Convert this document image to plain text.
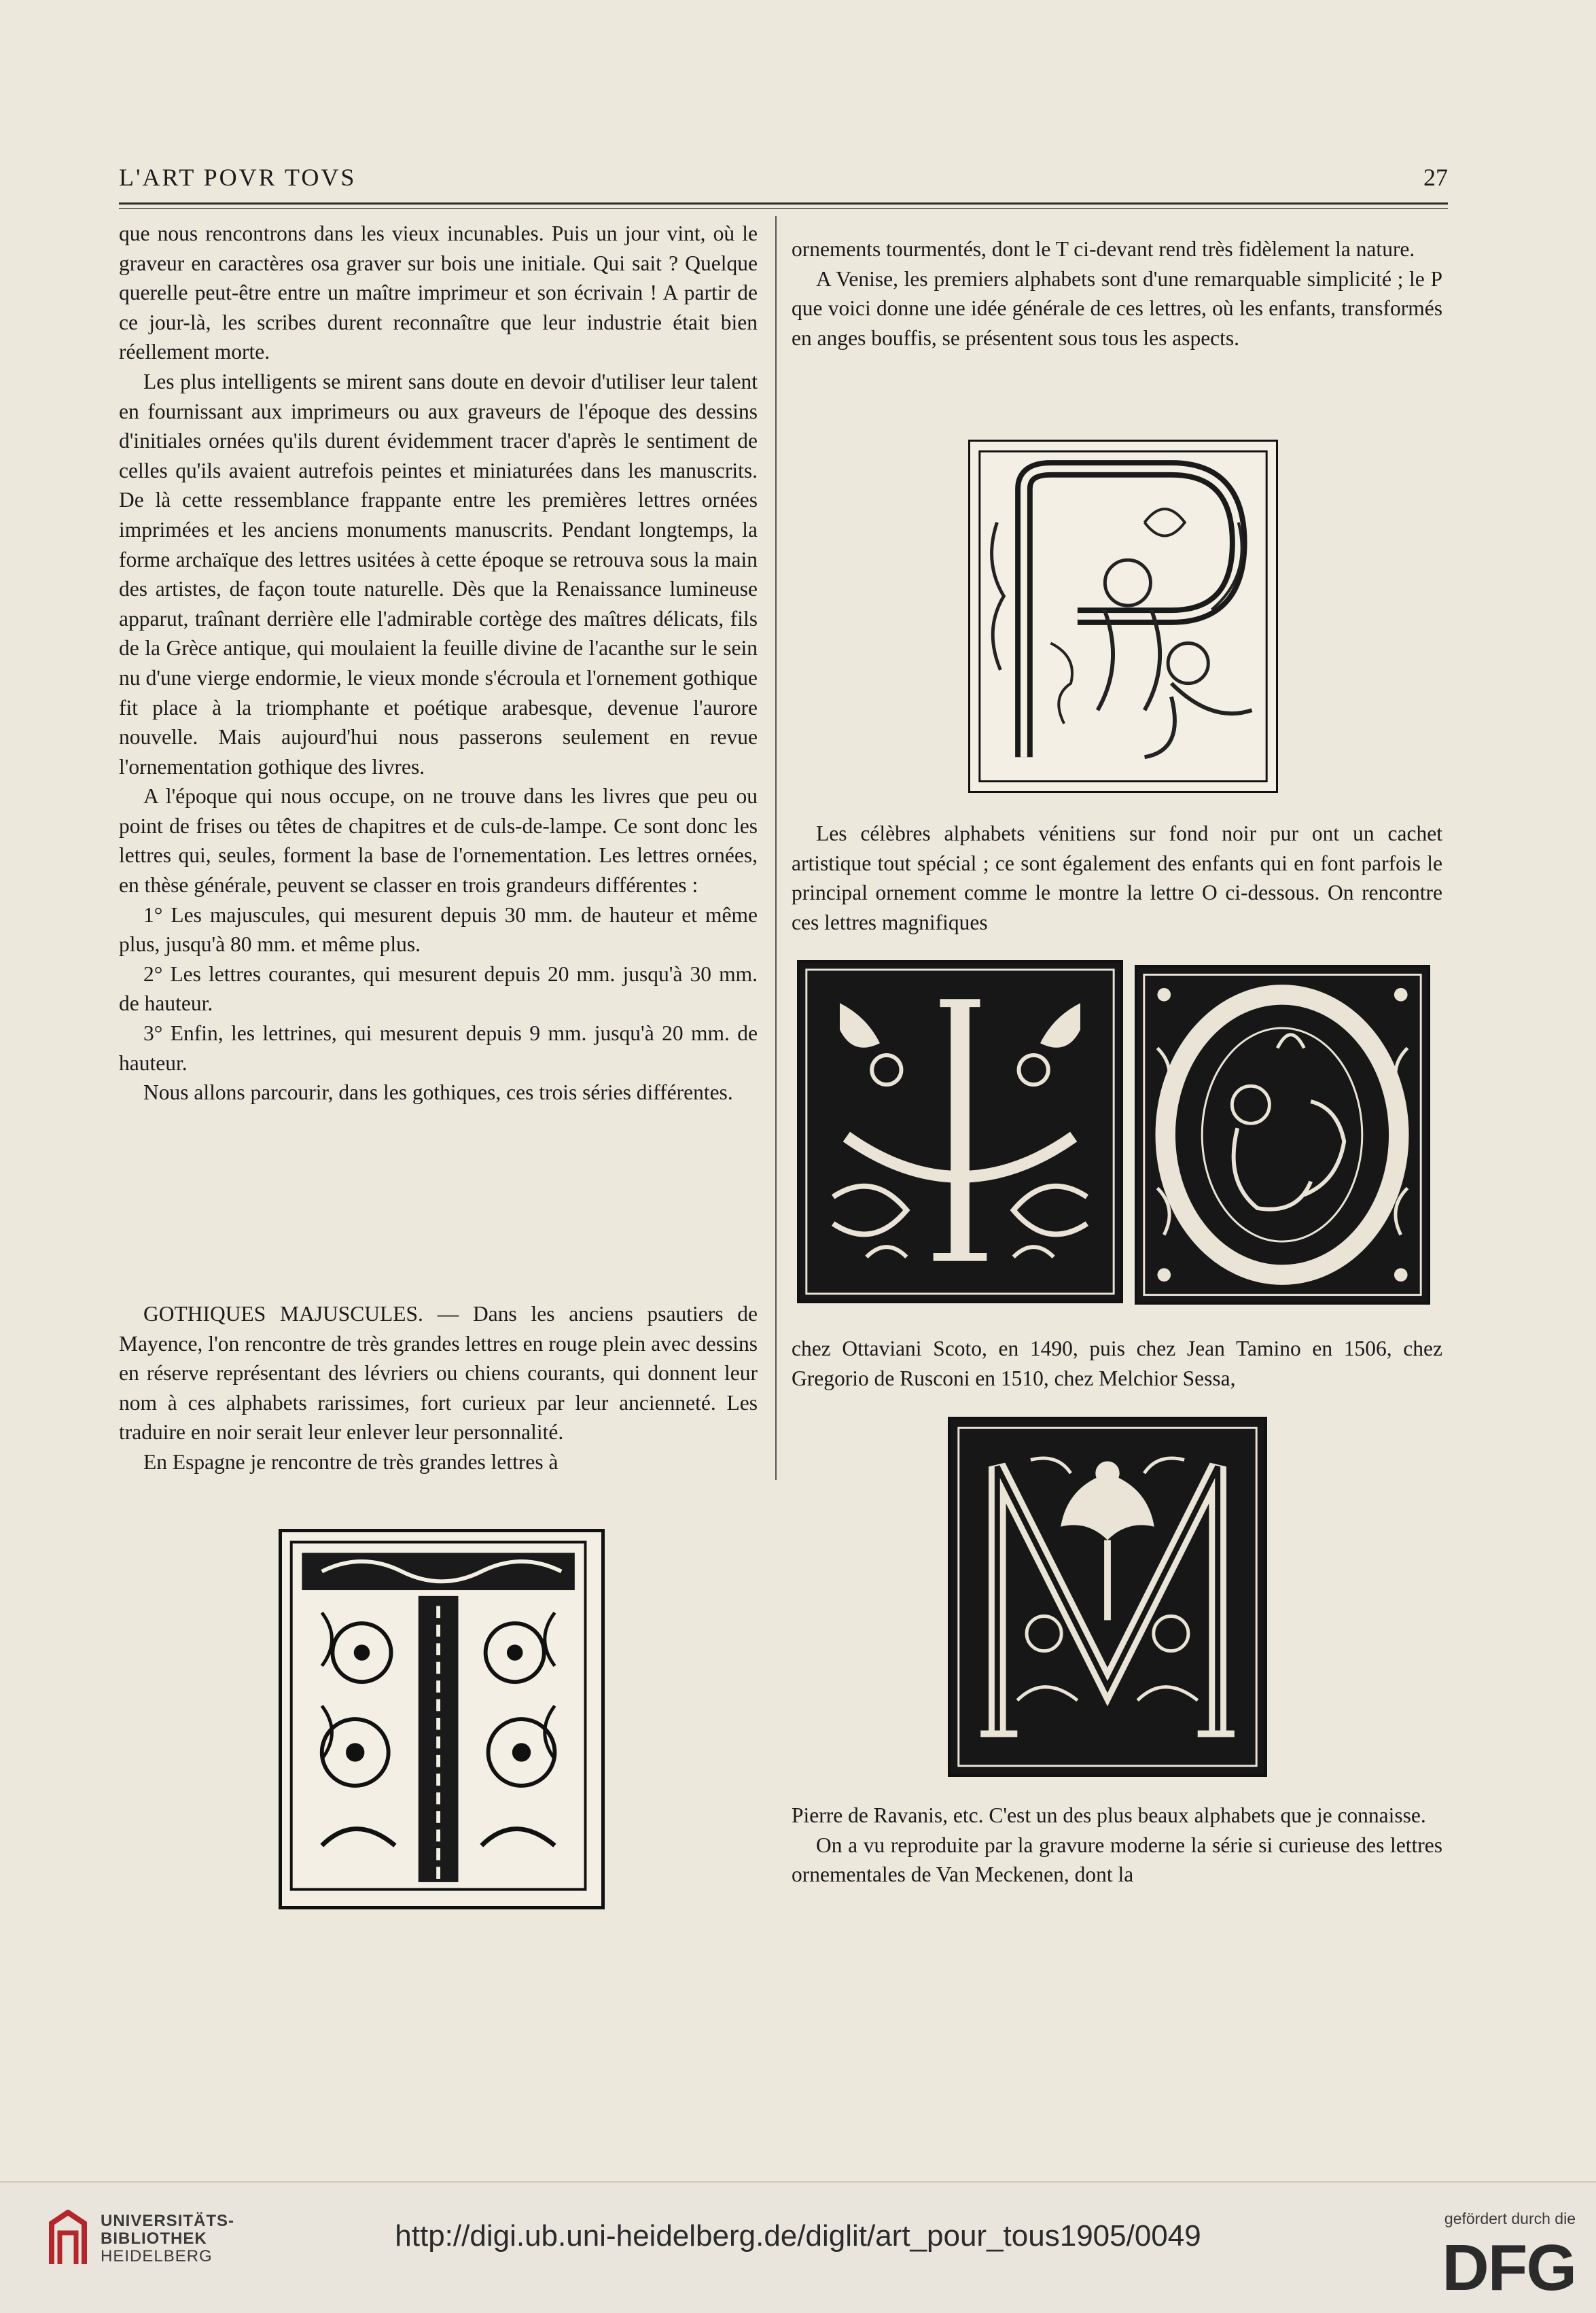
L'ART POVR TOVS	27

que nous rencontrons dans les vieux incunables. Puis un jour vint, où le graveur en caractères osa graver sur bois une initiale. Qui sait ? Quelque querelle peut-être entre un maître imprimeur et son écrivain ! A partir de ce jour-là, les scribes durent reconnaître que leur industrie était bien réellement morte.

Les plus intelligents se mirent sans doute en devoir d'utiliser leur talent en fournissant aux imprimeurs ou aux graveurs de l'époque des dessins d'initiales ornées qu'ils durent évidemment tracer d'après le sentiment de celles qu'ils avaient autrefois peintes et miniaturées dans les manuscrits. De là cette ressemblance frappante entre les premières lettres ornées imprimées et les anciens monuments manuscrits. Pendant longtemps, la forme archaïque des lettres usitées à cette époque se retrouva sous la main des artistes, de façon toute naturelle. Dès que la Renaissance lumineuse apparut, traînant derrière elle l'admirable cortège des maîtres délicats, fils de la Grèce antique, qui moulaient la feuille divine de l'acanthe sur le sein nu d'une vierge endormie, le vieux monde s'écroula et l'ornement gothique fit place à la triomphante et poétique arabesque, devenue l'aurore nouvelle. Mais aujourd'hui nous passerons seulement en revue l'ornementation gothique des livres.

A l'époque qui nous occupe, on ne trouve dans les livres que peu ou point de frises ou têtes de chapitres et de culs-de-lampe. Ce sont donc les lettres qui, seules, forment la base de l'ornementation. Les lettres ornées, en thèse générale, peuvent se classer en trois grandeurs différentes :

1° Les majuscules, qui mesurent depuis 30 mm. de hauteur et même plus, jusqu'à 80 mm. et même plus.

2° Les lettres courantes, qui mesurent depuis 20 mm. jusqu'à 30 mm. de hauteur.

3° Enfin, les lettrines, qui mesurent depuis 9 mm. jusqu'à 20 mm. de hauteur.

Nous allons parcourir, dans les gothiques, ces trois séries différentes.

GOTHIQUES MAJUSCULES. — Dans les anciens psautiers de Mayence, l'on rencontre de très grandes lettres en rouge plein avec dessins en réserve représentant des lévriers ou chiens courants, qui donnent leur nom à ces alphabets rarissimes, fort curieux par leur ancienneté. Les traduire en noir serait leur enlever leur personnalité.

En Espagne je rencontre de très grandes lettres à

ornements tourmentés, dont le T ci-devant rend très fidèlement la nature.

A Venise, les premiers alphabets sont d'une remarquable simplicité ; le P que voici donne une idée générale de ces lettres, où les enfants, transformés en anges bouffis, se présentent sous tous les aspects.

Les célèbres alphabets vénitiens sur fond noir pur ont un cachet artistique tout spécial ; ce sont également des enfants qui en font parfois le principal ornement comme le montre la lettre O ci-dessous. On rencontre ces lettres magnifiques

chez Ottaviani Scoto, en 1490, puis chez Jean Tamino en 1506, chez Gregorio de Rusconi en 1510, chez Melchior Sessa,

Pierre de Ravanis, etc. C'est un des plus beaux alphabets que je connaisse.

On a vu reproduite par la gravure moderne la série si curieuse des lettres ornementales de Van Meckenen, dont la

UNIVERSITÄTS-
BIBLIOTHEK
HEIDELBERG
http://digi.ub.uni-heidelberg.de/diglit/art_pour_tous1905/0049
gefördert durch die
DFG
